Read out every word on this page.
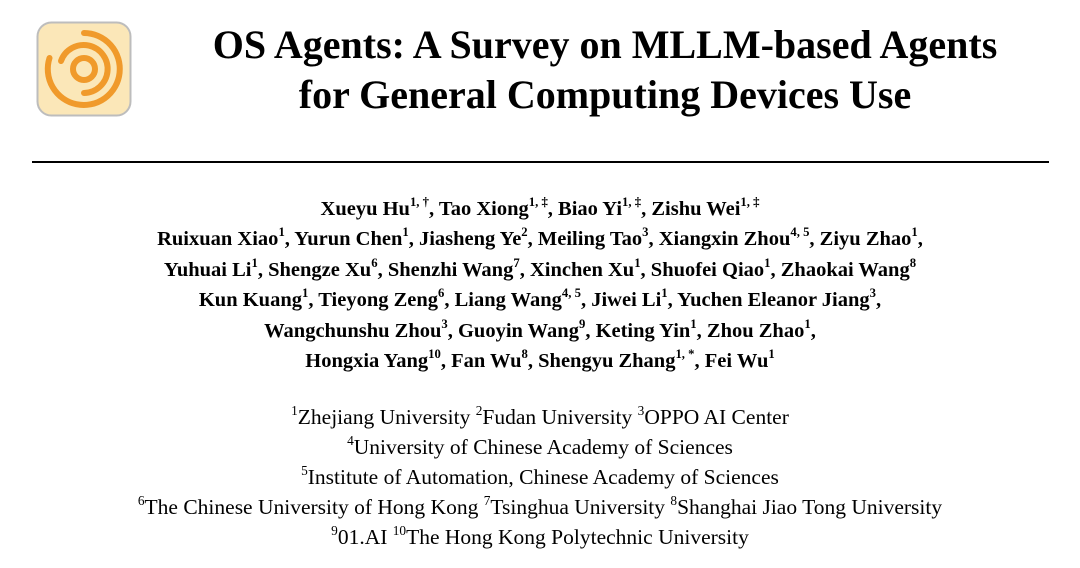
OS Agents: A Survey on MLLM-based Agents
for General Computing Devices Use
Xueyu $Hu^{1, \dagger}$, Tao Xiong$^{1, \ddagger}$, Biao $Yi^{1, \ddagger}$, Zishu Wei$^{1, \ddagger}$
Ruixuan Xiao$^1$, Yurun Chen$^1$, Jiasheng Ye$^2$, Meiling Tao$^3$, Xiangxin Zhou$^{4, 5}$, Ziyu Zhao$^1$,
Yuhuai Li$^1$, Shengze Xu$^6$, Shenzhi Wang$^7$, Xinchen Xu$^1$, Shuofei Qiao$^1$, Zhaokai Wang$^8$
Kun Kuang$^1$, Tieyong Zeng$^6$, Liang Wang$^{4, 5}$, Jiwei Li$^1$, Yuchen Eleanor Jiang$^3$,
Wangchunshu Zhou$^3$, Guoyin Wang$^9$, Keting Yin$^1$, Zhou Zhao$^1$,
Hongxia Yang$^{10}$, Fan Wu$^8$, Shengyu Zhang$^{1, *}$, Fei Wu$^1$
$^1$Zhejiang University $^2$Fudan University $^3$OPPO AI Center
$^4$University of Chinese Academy of Sciences
$^5$Institute of Automation, Chinese Academy of Sciences
$^6$The Chinese University of Hong Kong $^7$Tsinghua University $^8$Shanghai Jiao Tong University
$^9$01.AI $^{10}$The Hong Kong Polytechnic University
